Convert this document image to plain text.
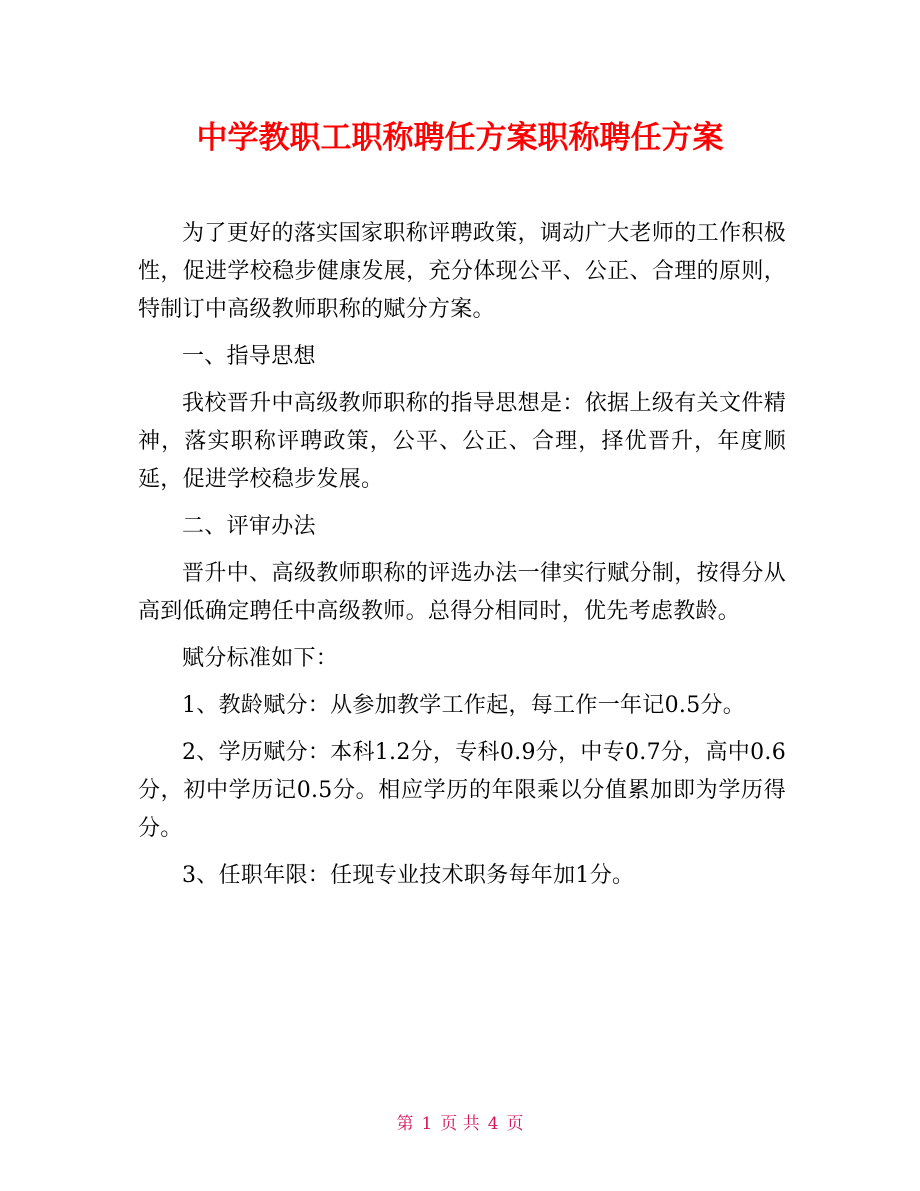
中学教职工职称聘任方案职称聘任方案

为了更好的落实国家职称评聘政策，调动广大老师的工作积极性，促进学校稳步健康发展，充分体现公平、公正、合理的原则，特制订中高级教师职称的赋分方案。

一、指导思想

我校晋升中高级教师职称的指导思想是：依据上级有关文件精神，落实职称评聘政策，公平、公正、合理，择优晋升，年度顺延，促进学校稳步发展。

二、评审办法

晋升中、高级教师职称的评选办法一律实行赋分制，按得分从高到低确定聘任中高级教师。总得分相同时，优先考虑教龄。

赋分标准如下：

1、教龄赋分：从参加教学工作起，每工作一年记0.5分。

2、学历赋分：本科1.2分，专科0.9分，中专0.7分，高中0.6分，初中学历记0.5分。相应学历的年限乘以分值累加即为学历得分。

3、任职年限：任现专业技术职务每年加1分。

第 1 页 共 4 页
